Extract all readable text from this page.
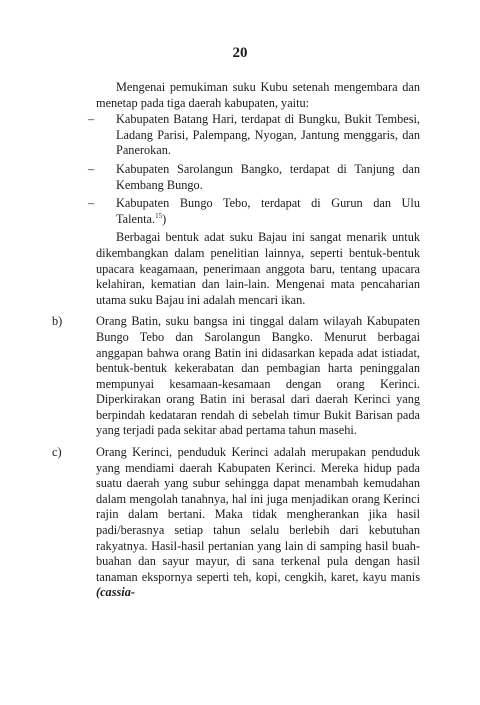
20

Mengenai pemukiman suku Kubu setenah mengembara dan menetap pada tiga daerah kabupaten, yaitu:

– Kabupaten Batang Hari, terdapat di Bungku, Bukit Tembesi, Ladang Parisi, Palempang, Nyogan, Jantung menggaris, dan Panerokan.
– Kabupaten Sarolangun Bangko, terdapat di Tanjung dan Kembang Bungo.
– Kabupaten Bungo Tebo, terdapat di Gurun dan Ulu Talenta.$^{15}$)

Berbagai bentuk adat suku Bajau ini sangat menarik untuk dikembangkan dalam penelitian lainnya, seperti bentuk-bentuk upacara keagamaan, penerimaan anggota baru, tentang upacara kelahiran, kematian dan lain-lain. Mengenai mata pencaharian utama suku Bajau ini adalah mencari ikan.

b)	Orang Batin, suku bangsa ini tinggal dalam wilayah Kabupaten Bungo Tebo dan Sarolangun Bangko. Menurut berbagai anggapan bahwa orang Batin ini didasarkan kepada adat istiadat, bentuk-bentuk kekerabatan dan pembagian harta peninggalan mempunyai kesamaan-kesamaan dengan orang Kerinci. Diperkirakan orang Batin ini berasal dari daerah Kerinci yang berpindah kedataran rendah di sebelah timur Bukit Barisan pada yang terjadi pada sekitar abad pertama tahun masehi.

c)	Orang Kerinci, penduduk Kerinci adalah merupakan penduduk yang mendiami daerah Kabupaten Kerinci. Mereka hidup pada suatu daerah yang subur sehingga dapat menambah kemudahan dalam mengolah tanahnya, hal ini juga menjadikan orang Kerinci rajin dalam bertani. Maka tidak mengherankan jika hasil padi/berasnya setiap tahun selalu berlebih dari kebutuhan rakyatnya. Hasil-hasil pertanian yang lain di samping hasil buah-buahan dan sayur mayur, di sana terkenal pula dengan hasil tanaman ekspornya seperti teh, kopi, cengkih, karet, kayu manis (cassia-
